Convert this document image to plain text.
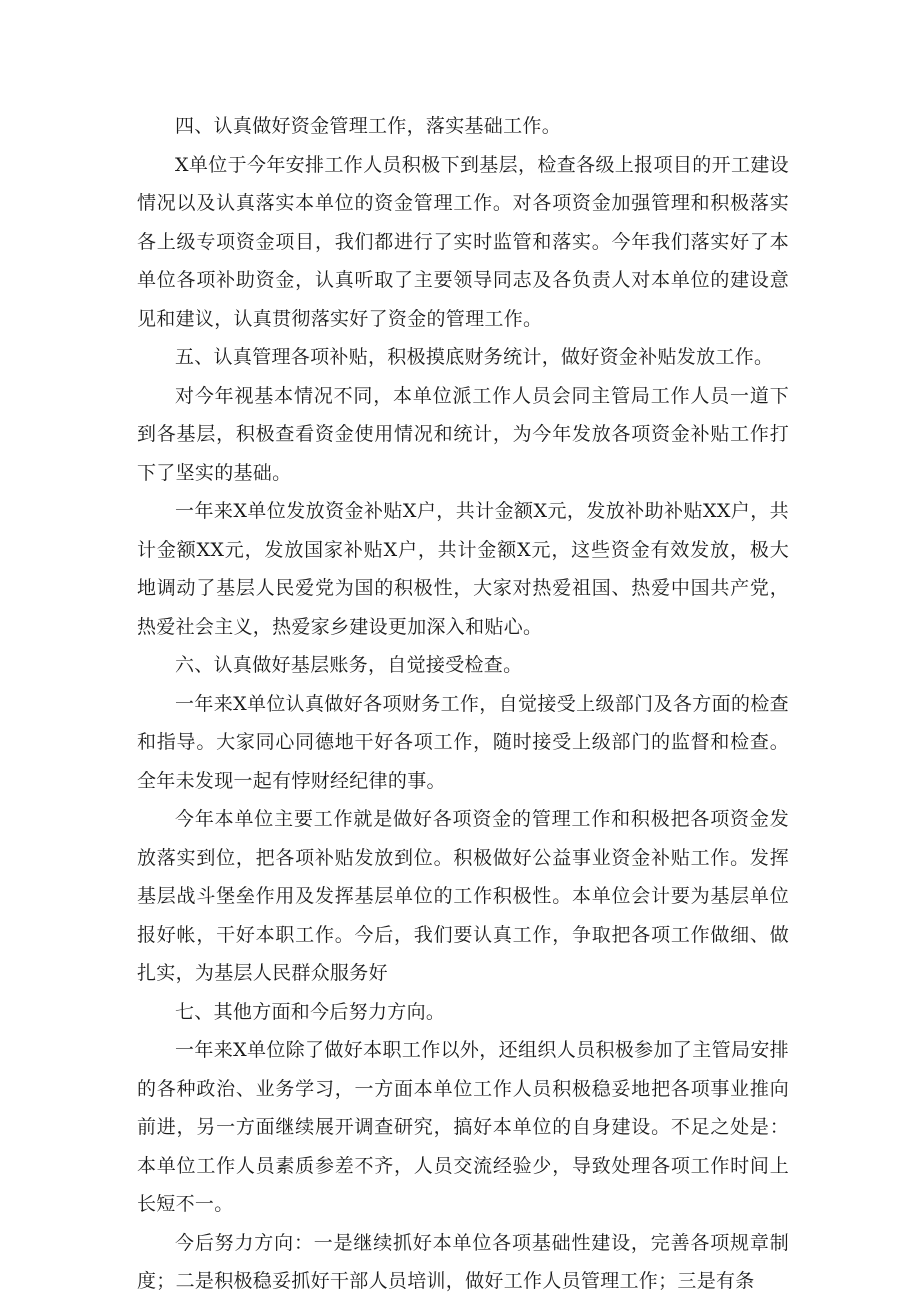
四、认真做好资金管理工作，落实基础工作。

X单位于今年安排工作人员积极下到基层，检查各级上报项目的开工建设情况以及认真落实本单位的资金管理工作。对各项资金加强管理和积极落实各上级专项资金项目，我们都进行了实时监管和落实。今年我们落实好了本单位各项补助资金，认真听取了主要领导同志及各负责人对本单位的建设意见和建议，认真贯彻落实好了资金的管理工作。

五、认真管理各项补贴，积极摸底财务统计，做好资金补贴发放工作。

对今年视基本情况不同，本单位派工作人员会同主管局工作人员一道下到各基层，积极查看资金使用情况和统计，为今年发放各项资金补贴工作打下了坚实的基础。

一年来X单位发放资金补贴X户，共计金额X元，发放补助补贴XX户，共计金额XX元，发放国家补贴X户，共计金额X元，这些资金有效发放，极大地调动了基层人民爱党为国的积极性，大家对热爱祖国、热爱中国共产党，热爱社会主义，热爱家乡建设更加深入和贴心。

六、认真做好基层账务，自觉接受检查。

一年来X单位认真做好各项财务工作，自觉接受上级部门及各方面的检查和指导。大家同心同德地干好各项工作，随时接受上级部门的监督和检查。全年未发现一起有悖财经纪律的事。

今年本单位主要工作就是做好各项资金的管理工作和积极把各项资金发放落实到位，把各项补贴发放到位。积极做好公益事业资金补贴工作。发挥基层战斗堡垒作用及发挥基层单位的工作积极性。本单位会计要为基层单位报好帐，干好本职工作。今后，我们要认真工作，争取把各项工作做细、做扎实，为基层人民群众服务好

七、其他方面和今后努力方向。

一年来X单位除了做好本职工作以外，还组织人员积极参加了主管局安排的各种政治、业务学习，一方面本单位工作人员积极稳妥地把各项事业推向前进，另一方面继续展开调查研究，搞好本单位的自身建设。不足之处是：本单位工作人员素质参差不齐，人员交流经验少，导致处理各项工作时间上长短不一。

今后努力方向：一是继续抓好本单位各项基础性建设，完善各项规章制度；二是积极稳妥抓好干部人员培训，做好工作人员管理工作；三是有条
